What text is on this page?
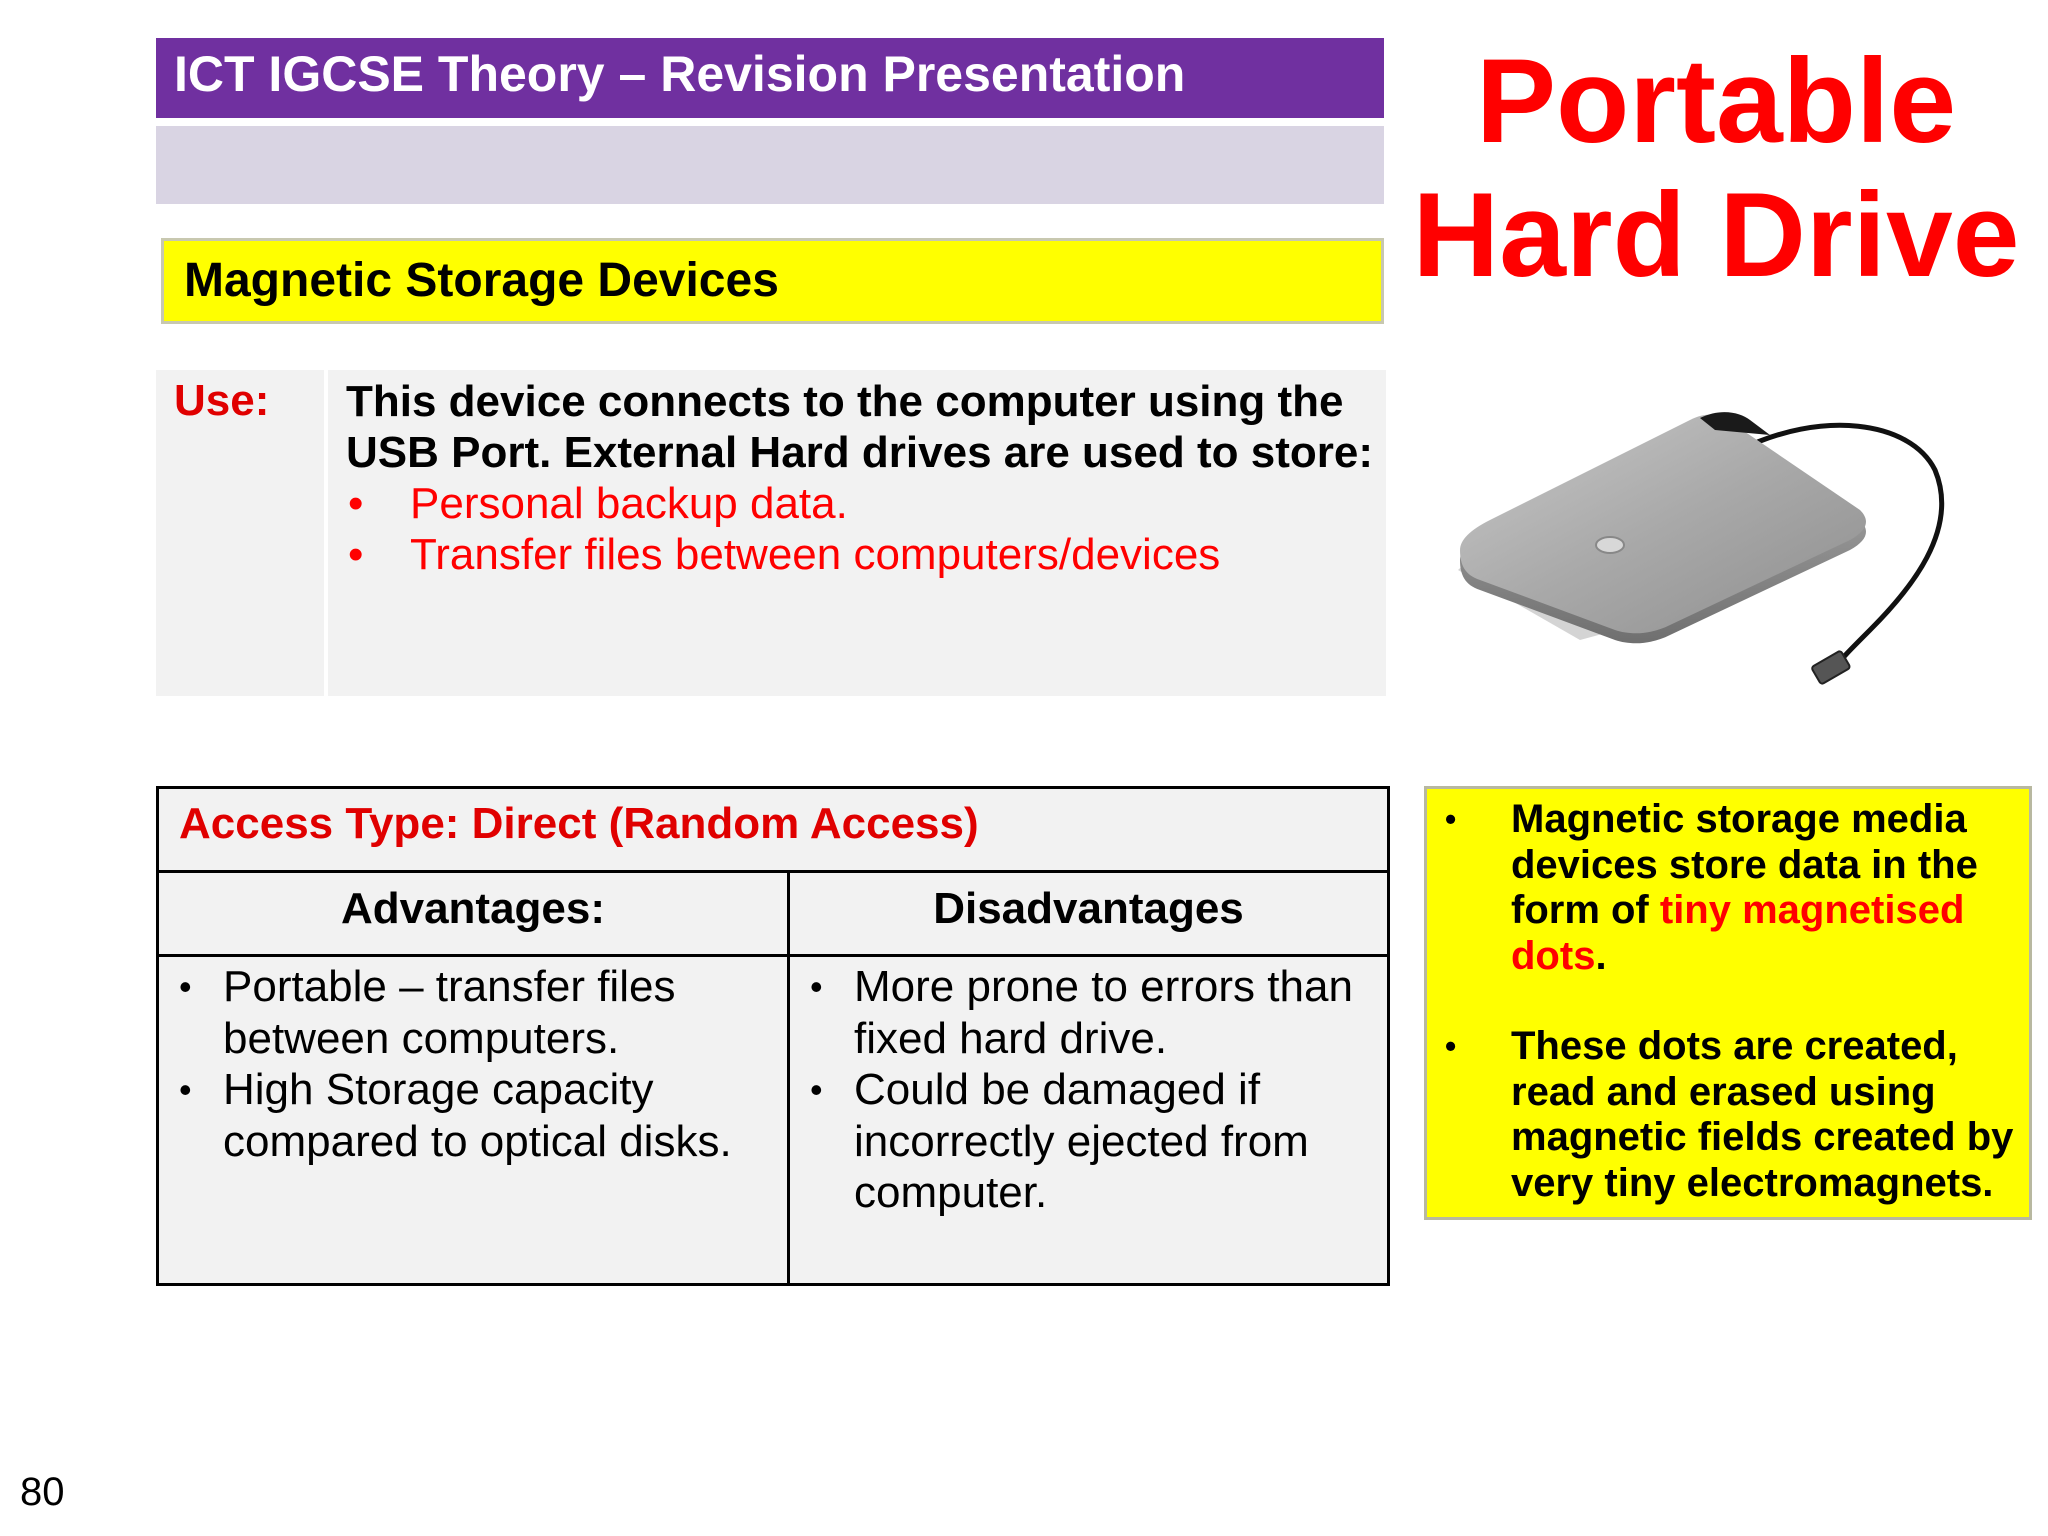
ICT IGCSE Theory – Revision Presentation
Magnetic Storage Devices
Portable
Hard Drive
Use: This device connects to the computer using the USB Port. External Hard drives are used to store:
• Personal backup data.
• Transfer files between computers/devices
Access Type: Direct (Random Access)
Advantages:	Disadvantages
• Portable – transfer files between computers.
• High Storage capacity compared to optical disks.
• More prone to errors than fixed hard drive.
• Could be damaged if incorrectly ejected from computer.
• Magnetic storage media devices store data in the form of tiny magnetised dots.
• These dots are created, read and erased using magnetic fields created by very tiny electromagnets.
80
